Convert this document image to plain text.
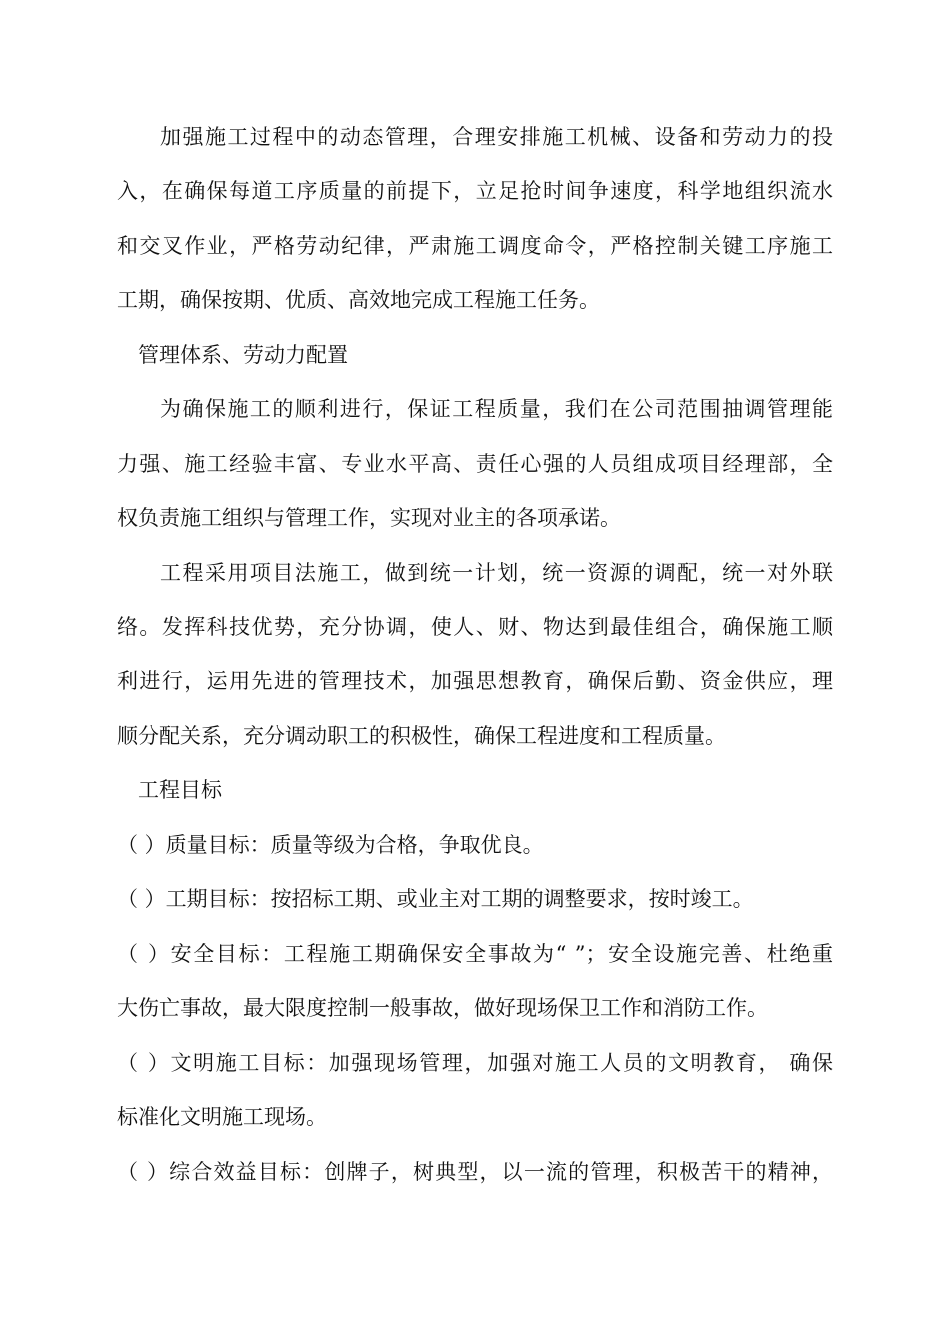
加强施工过程中的动态管理，合理安排施工机械、设备和劳动力的投
入，在确保每道工序质量的前提下，立足抢时间争速度，科学地组织流水
和交叉作业，严格劳动纪律，严肃施工调度命令，严格控制关键工序施工
工期，确保按期、优质、高效地完成工程施工任务。
管理体系、劳动力配置
为确保施工的顺利进行，保证工程质量，我们在公司范围抽调管理能
力强、施工经验丰富、专业水平高、责任心强的人员组成项目经理部，全
权负责施工组织与管理工作，实现对业主的各项承诺。
工程采用项目法施工，做到统一计划，统一资源的调配，统一对外联
络。发挥科技优势，充分协调，使人、财、物达到最佳组合，确保施工顺
利进行，运用先进的管理技术，加强思想教育，确保后勤、资金供应，理
顺分配关系，充分调动职工的积极性，确保工程进度和工程质量。
工程目标
（ ）质量目标：质量等级为合格，争取优良。
（ ）工期目标：按招标工期、或业主对工期的调整要求，按时竣工。
（ ）安全目标：工程施工期确保安全事故为“ ”；安全设施完善、杜绝重
大伤亡事故，最大限度控制一般事故，做好现场保卫工作和消防工作。
（ ）文明施工目标：加强现场管理，加强对施工人员的文明教育， 确保
标准化文明施工现场。
（ ）综合效益目标：创牌子，树典型，以一流的管理，积极苦干的精神，
